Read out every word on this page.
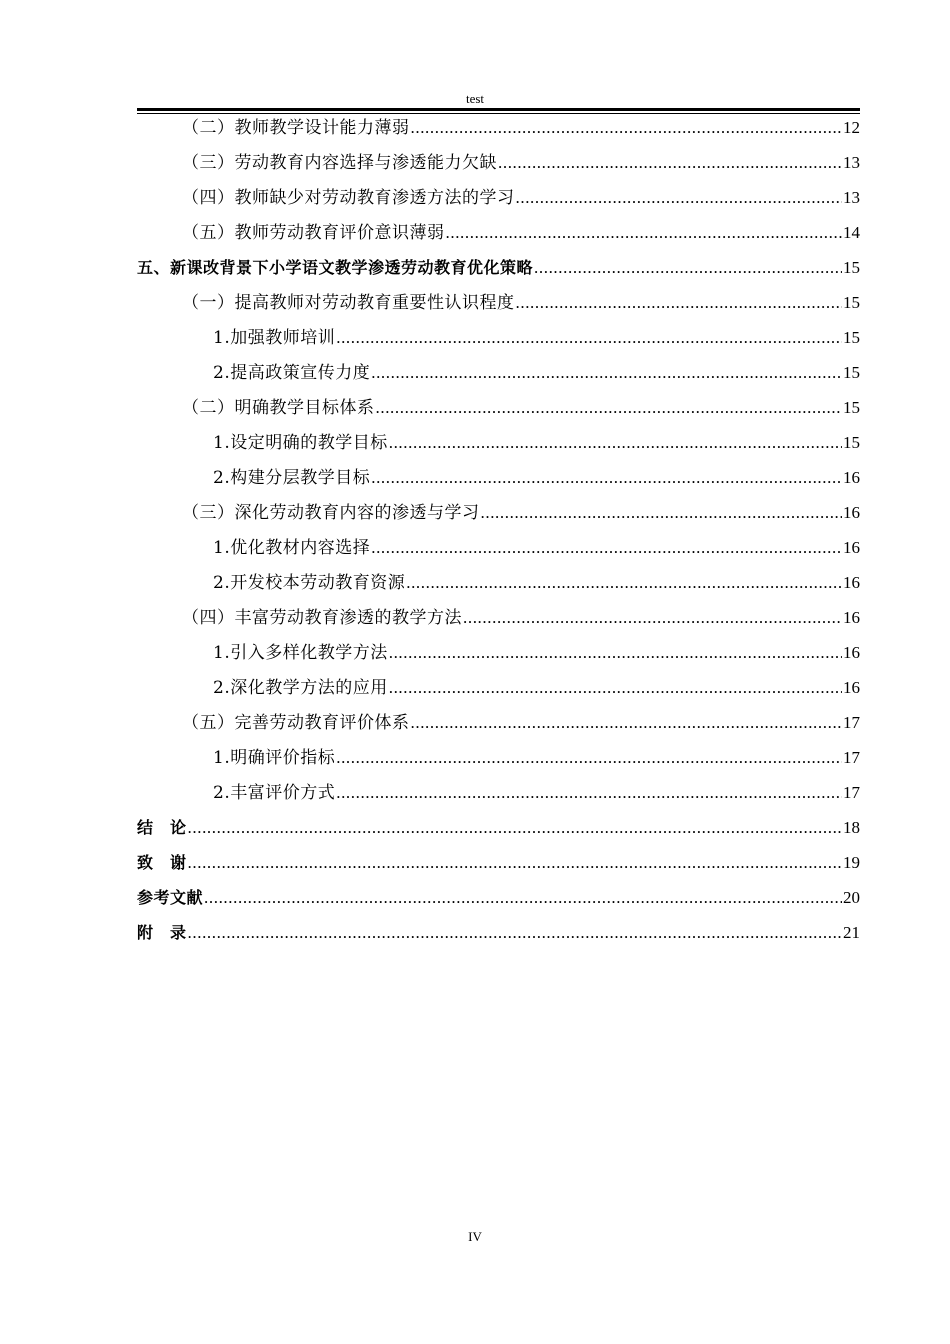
test
（二）教师教学设计能力薄弱 .....	12
（三）劳动教育内容选择与渗透能力欠缺 .....	13
（四）教师缺少对劳动教育渗透方法的学习 .....	13
（五）教师劳动教育评价意识薄弱 .....	14
五、新课改背景下小学语文教学渗透劳动教育优化策略 .....	15
（一）提高教师对劳动教育重要性认识程度 .....	15
1.加强教师培训 .....	15
2.提高政策宣传力度 .....	15
（二）明确教学目标体系 .....	15
1.设定明确的教学目标 .....	15
2.构建分层教学目标 .....	16
（三）深化劳动教育内容的渗透与学习 .....	16
1.优化教材内容选择 .....	16
2.开发校本劳动教育资源 .....	16
（四）丰富劳动教育渗透的教学方法 .....	16
1.引入多样化教学方法 .....	16
2.深化教学方法的应用 .....	16
（五）完善劳动教育评价体系 .....	17
1.明确评价指标 .....	17
2.丰富评价方式 .....	17
结　论 .....	18
致　谢 .....	19
参考文献 .....	20
附　录 .....	21
IV
